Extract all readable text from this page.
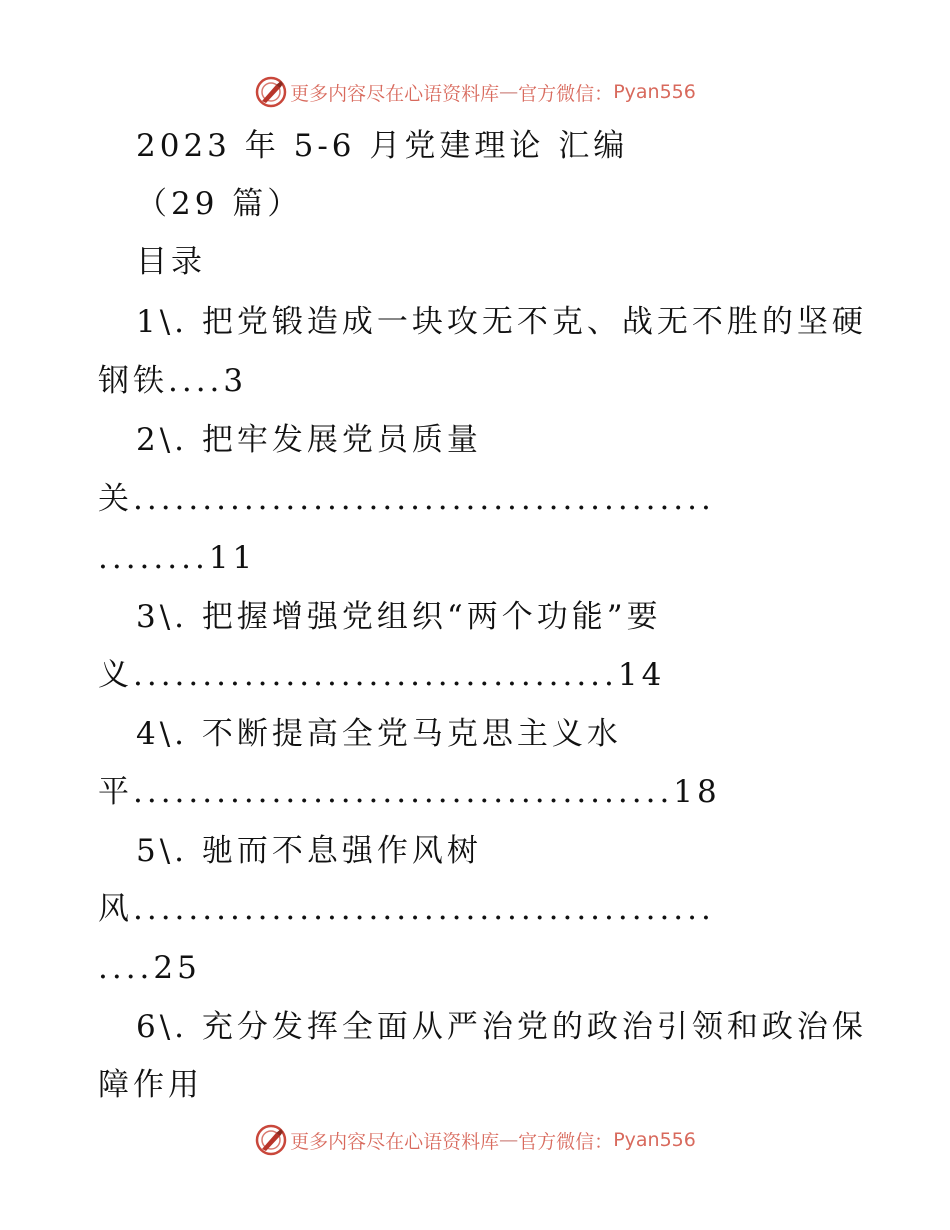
更多内容尽在心语资料库 — 官方微信： Pyan556
2023 年 5-6 月党建理论 汇编
（29 篇）
目录
1\. 把党锻造成一块攻无不克、战无不胜的坚硬
钢铁....3
2\. 把牢发展党员质量
关..........................................
........11
3\. 把握增强党组织“两个功能”要
义...................................14
4\. 不断提高全党马克思主义水
平.......................................18
5\. 驰而不息强作风树
风..........................................
....25
6\. 充分发挥全面从严治党的政治引领和政治保
障作用
更多内容尽在心语资料库 — 官方微信： Pyan556
